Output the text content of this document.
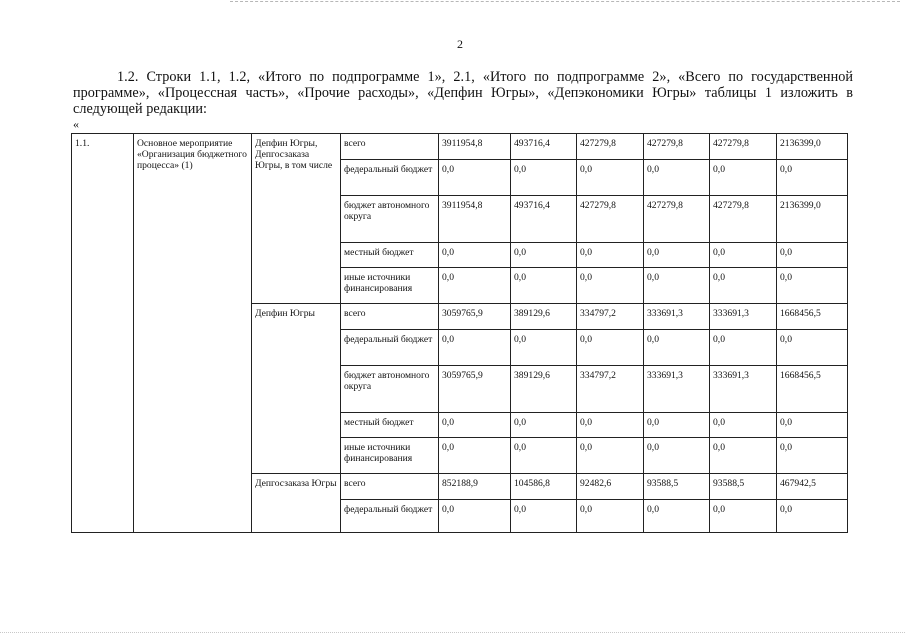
2

1.2. Строки 1.1, 1.2, «Итого по подпрограмме 1», 2.1, «Итого по подпрограмме 2», «Всего по государственной программе», «Процессная часть», «Прочие расходы», «Депфин Югры», «Депэкономики Югры» таблицы 1 изложить в следующей редакции:

«
1.1.	Основное мероприятие «Организация бюджетного процесса» (1)	Депфин Югры, Депгосзаказа Югры, в том числе	всего	3911954,8	493716,4	427279,8	427279,8	427279,8	2136399,0
			федеральный бюджет	0,0	0,0	0,0	0,0	0,0	0,0
			бюджет автономного округа	3911954,8	493716,4	427279,8	427279,8	427279,8	2136399,0
			местный бюджет	0,0	0,0	0,0	0,0	0,0	0,0
			иные источники финансирования	0,0	0,0	0,0	0,0	0,0	0,0
		Депфин Югры	всего	3059765,9	389129,6	334797,2	333691,3	333691,3	1668456,5
			федеральный бюджет	0,0	0,0	0,0	0,0	0,0	0,0
			бюджет автономного округа	3059765,9	389129,6	334797,2	333691,3	333691,3	1668456,5
			местный бюджет	0,0	0,0	0,0	0,0	0,0	0,0
			иные источники финансирования	0,0	0,0	0,0	0,0	0,0	0,0
		Депгосзаказа Югры	всего	852188,9	104586,8	92482,6	93588,5	93588,5	467942,5
			федеральный бюджет	0,0	0,0	0,0	0,0	0,0	0,0
